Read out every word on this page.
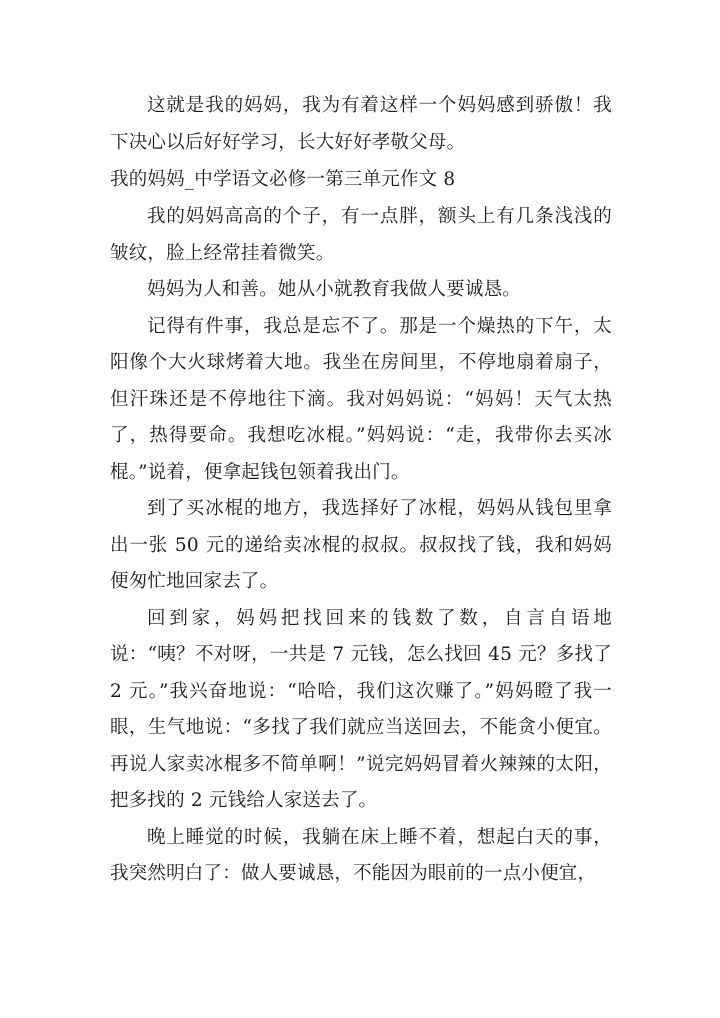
这就是我的妈妈，我为有着这样一个妈妈感到骄傲！我下决心以后好好学习，长大好好孝敬父母。

我的妈妈_中学语文必修一第三单元作文 8

我的妈妈高高的个子，有一点胖，额头上有几条浅浅的皱纹，脸上经常挂着微笑。

妈妈为人和善。她从小就教育我做人要诚恳。

记得有件事，我总是忘不了。那是一个燥热的下午，太阳像个大火球烤着大地。我坐在房间里，不停地扇着扇子，但汗珠还是不停地往下滴。我对妈妈说：“妈妈！天气太热了，热得要命。我想吃冰棍。”妈妈说：“走，我带你去买冰棍。”说着，便拿起钱包领着我出门。

到了买冰棍的地方，我选择好了冰棍，妈妈从钱包里拿出一张 50 元的递给卖冰棍的叔叔。叔叔找了钱，我和妈妈便匆忙地回家去了。

回到家，妈妈把找回来的钱数了数，自言自语地说：“咦？不对呀，一共是 7 元钱，怎么找回 45 元？多找了 2 元。”我兴奋地说：“哈哈，我们这次赚了。”妈妈瞪了我一眼，生气地说：“多找了我们就应当送回去，不能贪小便宜。再说人家卖冰棍多不简单啊！”说完妈妈冒着火辣辣的太阳，把多找的 2 元钱给人家送去了。

晚上睡觉的时候，我躺在床上睡不着，想起白天的事，我突然明白了：做人要诚恳，不能因为眼前的一点小便宜，
